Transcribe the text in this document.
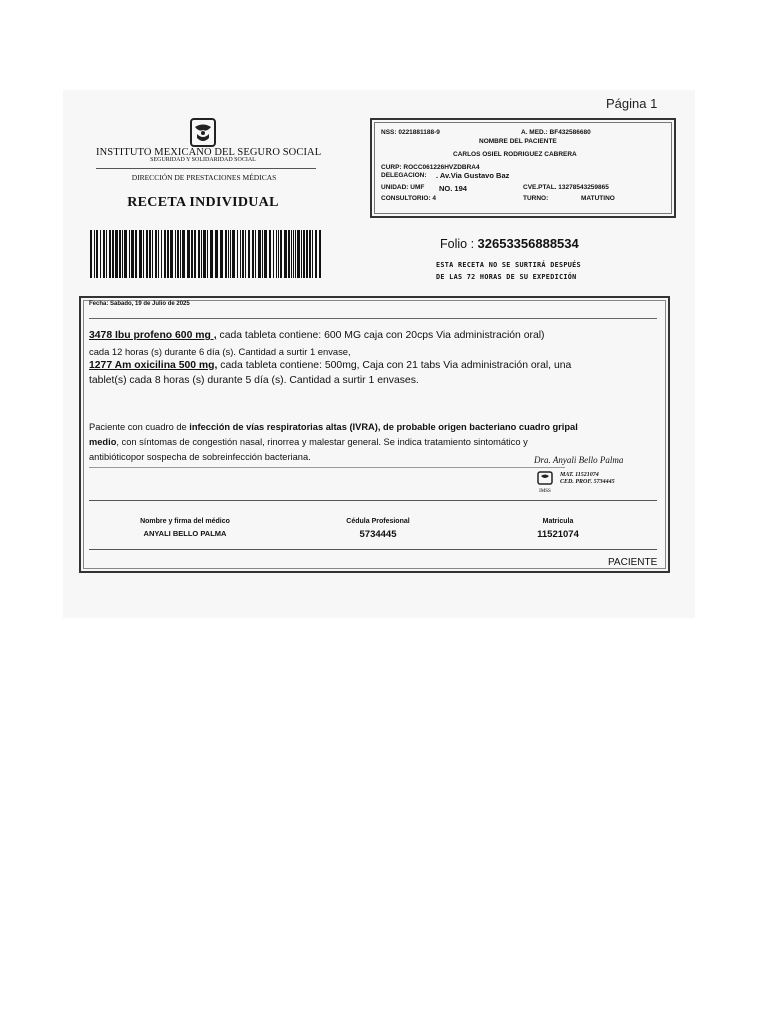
Página 1
INSTITUTO MEXICANO DEL SEGURO SOCIAL
SEGURIDAD Y SOLIDARIDAD SOCIAL
DIRECCIÓN DE PRESTACIONES MÉDICAS
RECETA INDIVIDUAL
NSS: 0221881188-9	A. MED.: BF432586680
NOMBRE DEL PACIENTE
CARLOS OSIEL RODRIGUEZ CABRERA
CURP: ROCC061226HVZDBRA4
DELEGACION: . Av.Via Gustavo Baz
UNIDAD: UMF NO. 194	CVE.PTAL. 13278543259865
CONSULTORIO: 4	TURNO:	MATUTINO
Folio : 32653356888534
ESTA RECETA NO SE SURTIRÁ DESPUÉS
DE LAS 72 HORAS DE SU EXPEDICIÓN
Fecha: Sabado, 19 de Julio de 2025
3478 Ibu profeno 600 mg , cada tableta contiene: 600 MG caja con 20cps Via administración oral)
cada 12 horas (s) durante 6 día (s). Cantidad a surtir 1 envase,
1277 Am oxicilina 500 mg, cada tableta contiene: 500mg, Caja con 21 tabs Via administración oral, una
tablet(s) cada 8 horas (s) durante 5 día (s). Cantidad a surtir 1 envases.
Paciente con cuadro de infección de vías respiratorias altas (IVRA), de probable origen bacteriano cuadro gripal
medio, con síntomas de congestión nasal, rinorrea y malestar general. Se indica tratamiento sintomático y
antibióticopor sospecha de sobreinfección bacteriana.	Dra. Anyali Bello Palma
IMSS
MAT. 11521074
CED. PROF. 5734445
Nombre y firma del médico
ANYALI BELLO PALMA
Cédula Profesional
5734445
Matricula
11521074
PACIENTE
